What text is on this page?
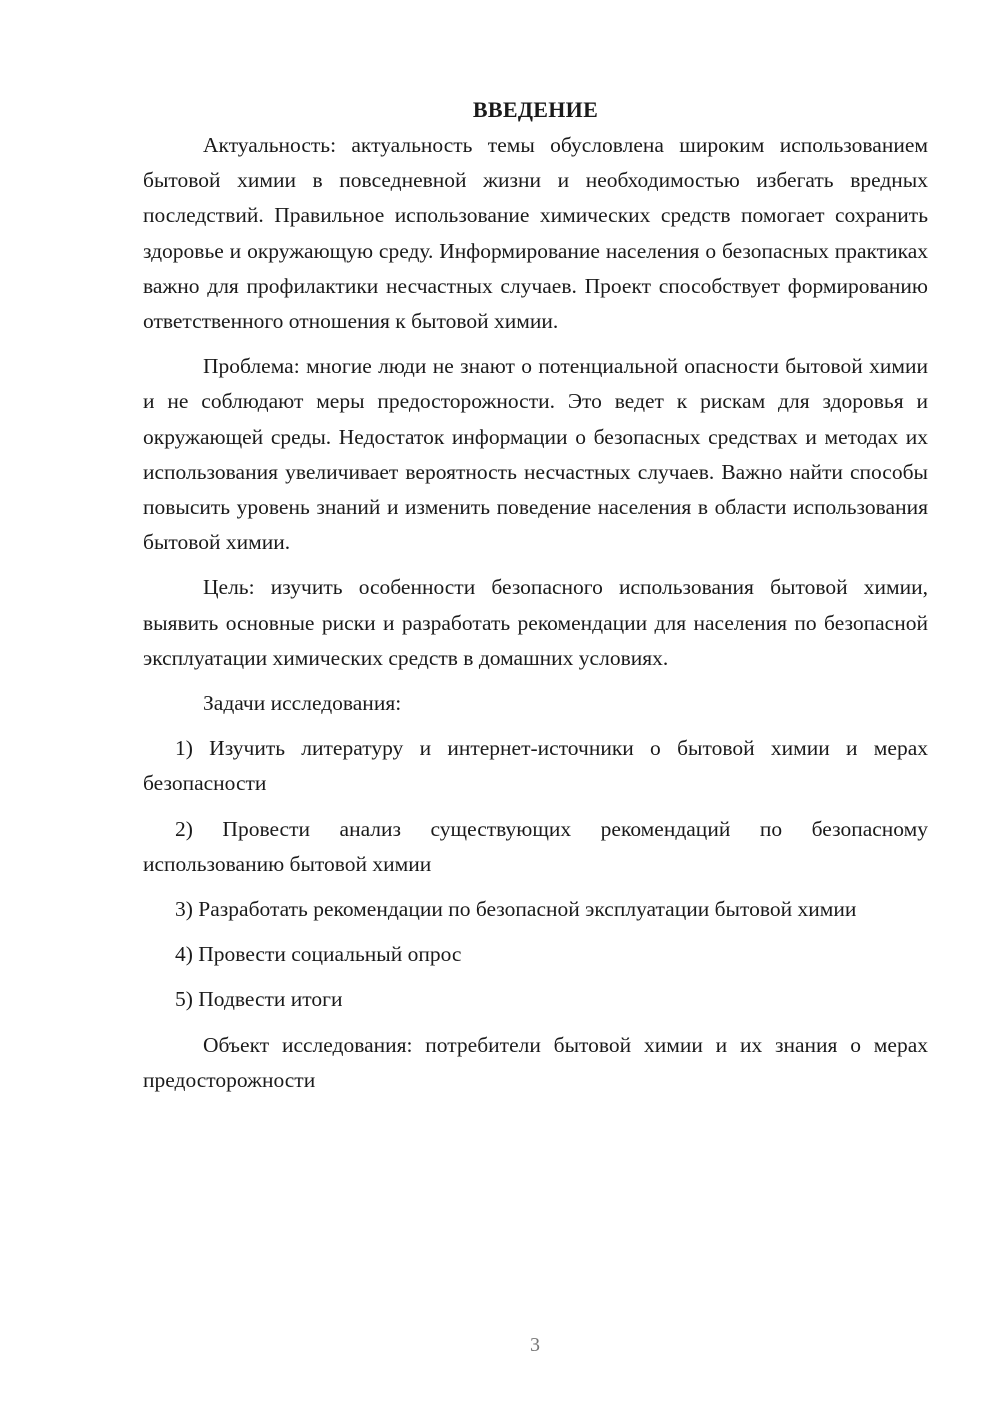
ВВЕДЕНИЕ

Актуальность: актуальность темы обусловлена широким использованием бытовой химии в повседневной жизни и необходимостью избегать вредных последствий. Правильное использование химических средств помогает сохранить здоровье и окружающую среду. Информирование населения о безопасных практиках важно для профилактики несчастных случаев. Проект способствует формированию ответственного отношения к бытовой химии.

Проблема: многие люди не знают о потенциальной опасности бытовой химии и не соблюдают меры предосторожности. Это ведет к рискам для здоровья и окружающей среды. Недостаток информации о безопасных средствах и методах их использования увеличивает вероятность несчастных случаев. Важно найти способы повысить уровень знаний и изменить поведение населения в области использования бытовой химии.

Цель: изучить особенности безопасного использования бытовой химии, выявить основные риски и разработать рекомендации для населения по безопасной эксплуатации химических средств в домашних условиях.

Задачи исследования:

1) Изучить литературу и интернет-источники о бытовой химии и мерах безопасности

2) Провести анализ существующих рекомендаций по безопасному использованию бытовой химии

3) Разработать рекомендации по безопасной эксплуатации бытовой химии

4) Провести социальный опрос

5) Подвести итоги

Объект исследования: потребители бытовой химии и их знания о мерах предосторожности

3
